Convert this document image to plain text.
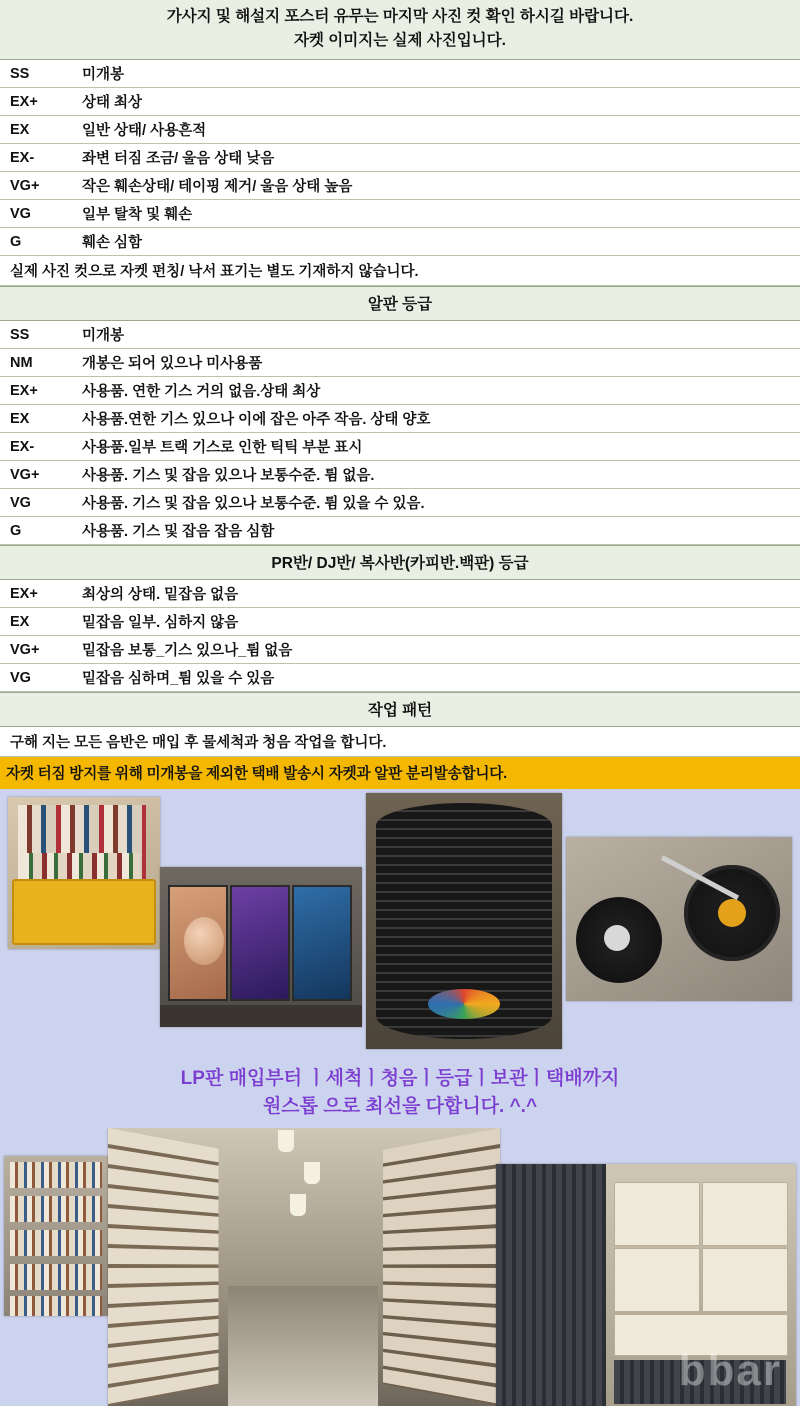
가사지 및 해설지 포스터 유무는 마지막 사진 컷 확인 하시길 바랍니다.
자켓 이미지는 실제 사진입니다.
SS	미개봉
EX+	상태 최상
EX	일반 상태/ 사용흔적
EX-	좌변 터짐 조금/ 울음 상태 낮음
VG+	작은 훼손상태/ 테이핑 제거/ 울음 상태 높음
VG	일부 탈착 및 훼손
G	훼손 심함
실제 사진 컷으로 자켓 펀칭/ 낙서 표기는 별도 기재하지 않습니다.
알판 등급
SS	미개봉
NM	개봉은 되어 있으나 미사용품
EX+	사용품. 연한 기스 거의 없음.상태 최상
EX	사용품.연한 기스 있으나 이에 잡은 아주 작음. 상태 양호
EX-	사용품.일부 트랙 기스로 인한 틱틱 부분 표시
VG+	사용품. 기스 및 잡음 있으나 보통수준. 튐 없음.
VG	사용품. 기스 및 잡음 있으나 보통수준. 튐 있을 수 있음.
G	사용품. 기스 및 잡음 잡음 심함
PR반/ DJ반/ 복사반(카피반.백판) 등급
EX+	최상의 상태. 밑잡음 없음
EX	밑잡음 일부. 심하지 않음
VG+	밑잡음 보통_기스 있으나_튐 없음
VG	밑잡음 심하며_튐 있을 수 있음
작업 패턴
구해 지는 모든 음반은 매입 후 물세척과 청음 작업을 합니다.
자켓 터짐 방지를 위해 미개봉을 제외한 택배 발송시 자켓과 알판 분리발송합니다.
LP판 매입부터 ㅣ세척ㅣ청음ㅣ등급ㅣ보관ㅣ택배까지
원스톱 으로 최선을 다합니다. ^.^
bbar
